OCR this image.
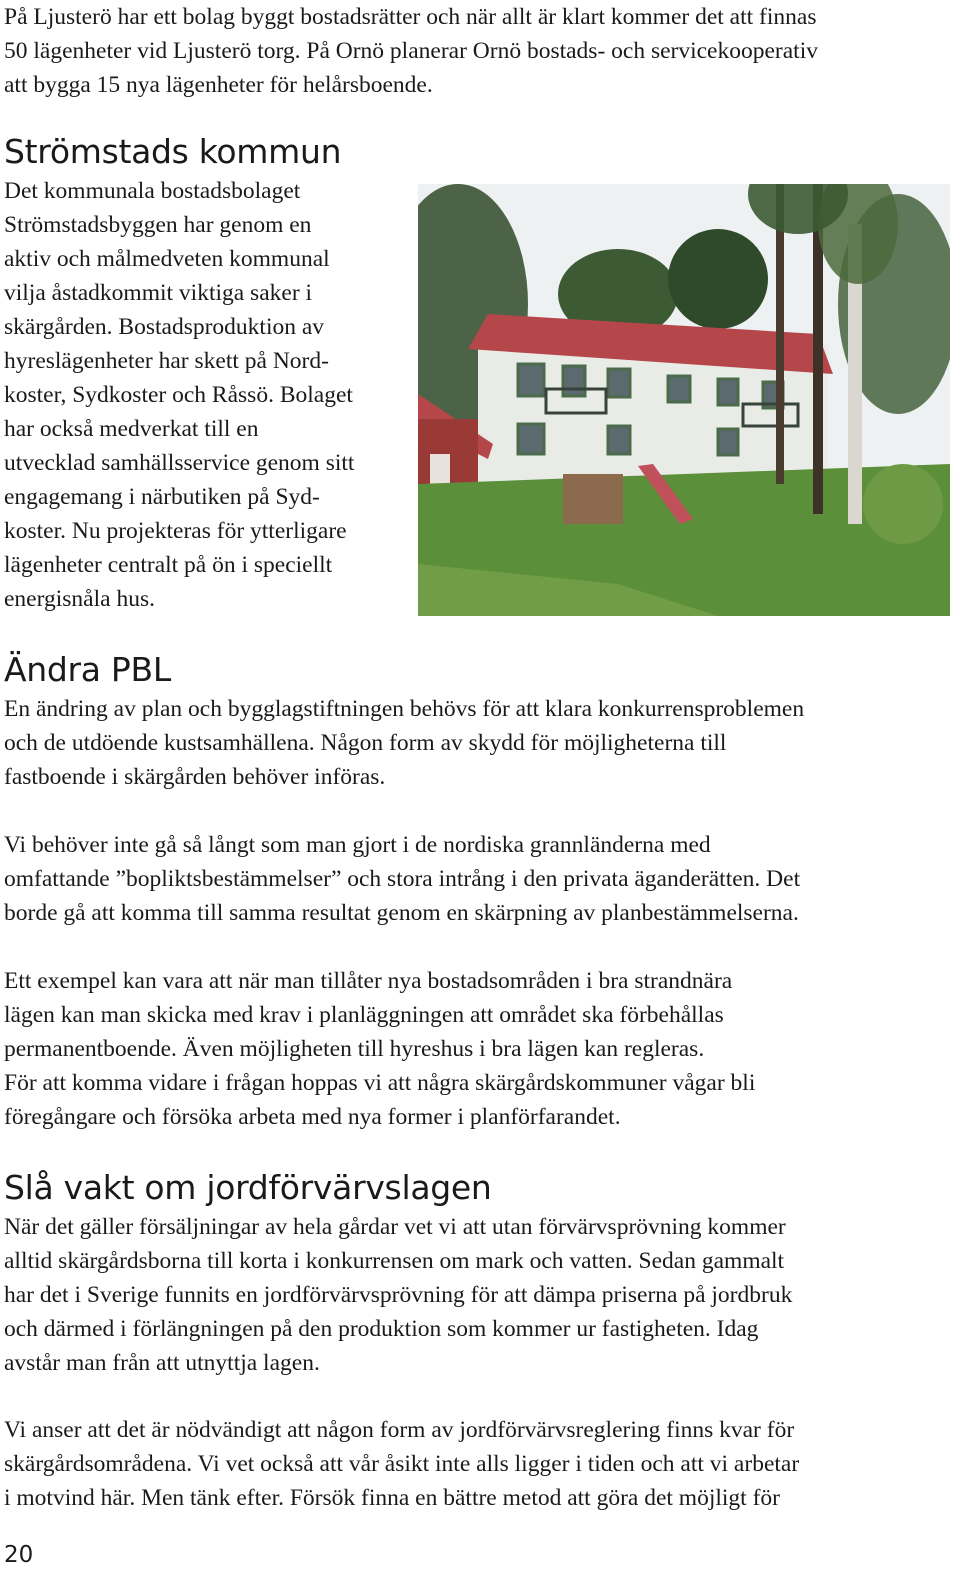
På Ljusterö har ett bolag byggt bostadsrätter och när allt är klart kommer det att finnas
50 lägenheter vid Ljusterö torg. På Ornö planerar Ornö bostads- och servicekooperativ
att bygga 15 nya lägenheter för helårsboende.
Strömstads kommun
Det kommunala bostadsbolaget
Strömstadsbyggen har genom en
aktiv och målmedveten kommunal
vilja åstadkommit viktiga saker i
skärgården. Bostadsproduktion av
hyreslägenheter har skett på Nord-
koster, Sydkoster och Råssö. Bolaget
har också medverkat till en
utvecklad samhällsservice genom sitt
engagemang i närbutiken på Syd-
koster. Nu projekteras för ytterligare
lägenheter centralt på ön i speciellt
energisnåla hus.
Ändra PBL
En ändring av plan och bygglagstiftningen behövs för att klara konkurrensproblemen
och de utdöende kustsamhällena. Någon form av skydd för möjligheterna till
fastboende i skärgården behöver införas.
Vi behöver inte gå så långt som man gjort i de nordiska grannländerna med
omfattande ”bopliktsbestämmelser” och stora intrång i den privata äganderätten. Det
borde gå att komma till samma resultat genom en skärpning av planbestämmelserna.
Ett exempel kan vara att när man tillåter nya bostadsområden i bra strandnära
lägen kan man skicka med krav i planläggningen att området ska förbehållas
permanentboende. Även möjligheten till hyreshus i bra lägen kan regleras.
För att komma vidare i frågan hoppas vi att några skärgårdskommuner vågar bli
föregångare och försöka arbeta med nya former i planförfarandet.
Slå vakt om jordförvärvslagen
När det gäller försäljningar av hela gårdar vet vi att utan förvärvsprövning kommer
alltid skärgårdsborna till korta i konkurrensen om mark och vatten. Sedan gammalt
har det i Sverige funnits en jordförvärvsprövning för att dämpa priserna på jordbruk
och därmed i förlängningen på den produktion som kommer ur fastigheten. Idag
avstår man från att utnyttja lagen.
Vi anser att det är nödvändigt att någon form av jordförvärvsreglering finns kvar för
skärgårdsområdena. Vi vet också att vår åsikt inte alls ligger i tiden och att vi arbetar
i motvind här. Men tänk efter. Försök finna en bättre metod att göra det möjligt för
20
